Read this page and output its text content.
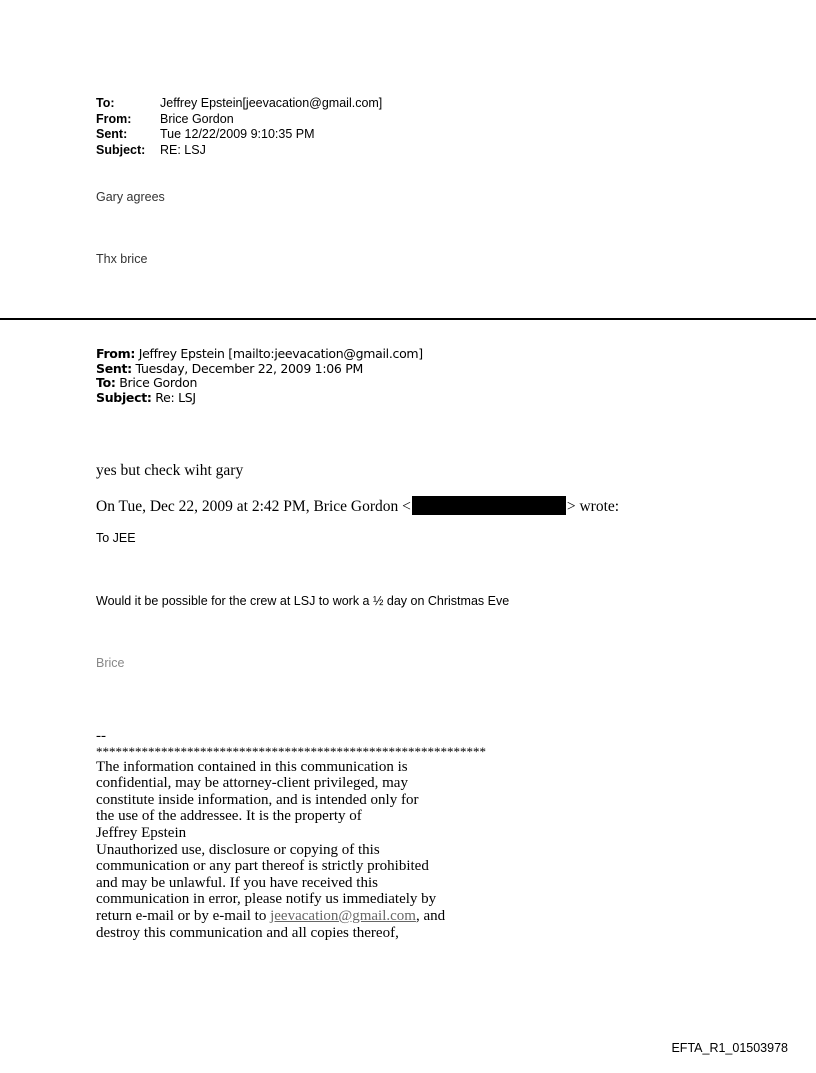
To:	Jeffrey Epstein[jeevacation@gmail.com]
From:	Brice Gordon
Sent:	Tue 12/22/2009 9:10:35 PM
Subject:	RE: LSJ
Gary agrees
Thx brice
From: Jeffrey Epstein [mailto:jeevacation@gmail.com]
Sent: Tuesday, December 22, 2009 1:06 PM
To: Brice Gordon
Subject: Re: LSJ
yes but check wiht gary
On Tue, Dec 22, 2009 at 2:42 PM, Brice Gordon <	> wrote:
To JEE
Would it be possible for the crew at LSJ to work a ½ day on Christmas Eve
Brice
--
************************************************************
The information contained in this communication is
confidential, may be attorney-client privileged, may
constitute inside information, and is intended only for
the use of the addressee. It is the property of
Jeffrey Epstein
Unauthorized use, disclosure or copying of this
communication or any part thereof is strictly prohibited
and may be unlawful. If you have received this
communication in error, please notify us immediately by
return e-mail or by e-mail to jeevacation@gmail.com, and
destroy this communication and all copies thereof,
EFTA_R1_01503978
